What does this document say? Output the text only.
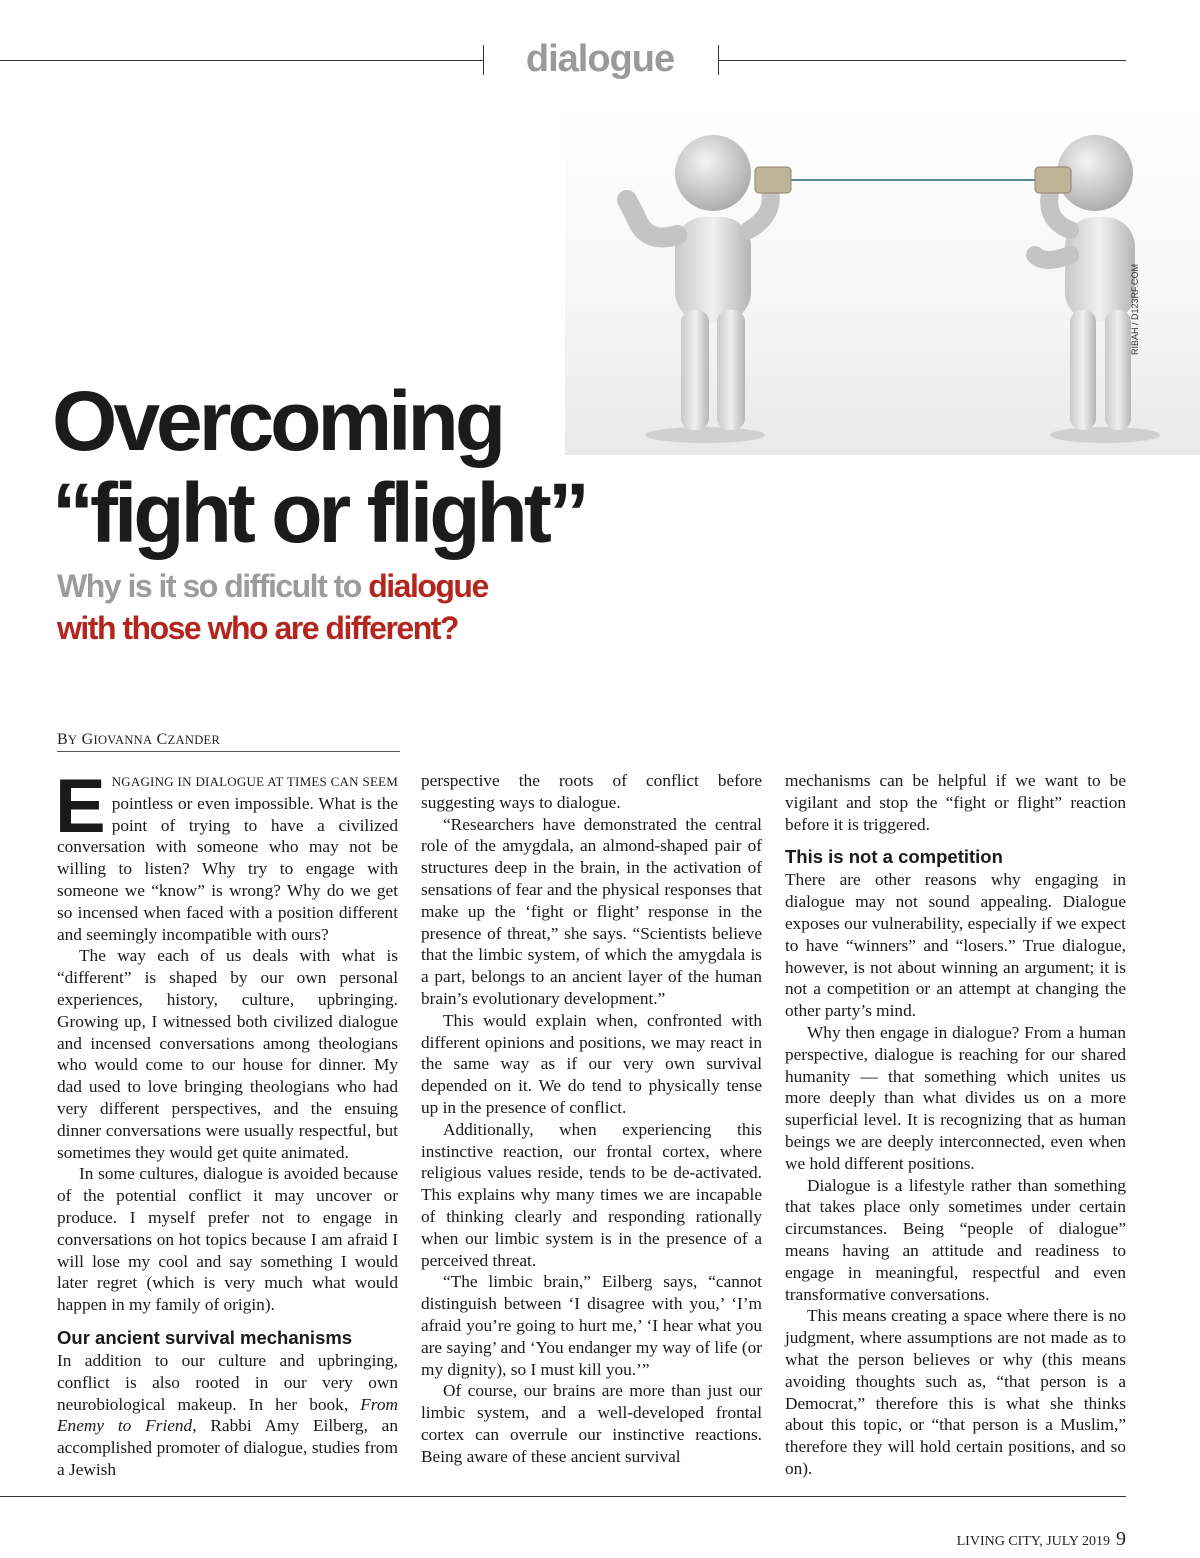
dialogue
RIBAH / D123RF.COM
Overcoming
“fight or flight”
Why is it so difficult to dialogue
with those who are different?
BY GIOVANNA CZANDER

ENGAGING IN DIALOGUE AT TIMES CAN SEEM pointless or even impossible. What is the point of trying to have a civilized conversation with someone who may not be willing to listen? Why try to engage with someone we “know” is wrong? Why do we get so incensed when faced with a position different and seemingly incompatible with ours?

The way each of us deals with what is “different” is shaped by our own personal experiences, history, culture, upbringing. Growing up, I witnessed both civilized dialogue and incensed conversations among theologians who would come to our house for dinner. My dad used to love bringing theologians who had very different perspectives, and the ensuing dinner conversations were usually respectful, but sometimes they would get quite animated.

In some cultures, dialogue is avoided because of the potential conflict it may uncover or produce. I myself prefer not to engage in conversations on hot topics because I am afraid I will lose my cool and say something I would later regret (which is very much what would happen in my family of origin).

Our ancient survival mechanisms

In addition to our culture and upbringing, conflict is also rooted in our very own neurobiological makeup. In her book, From Enemy to Friend, Rabbi Amy Eilberg, an accomplished promoter of dialogue, studies from a Jewish

perspective the roots of conflict before suggesting ways to dialogue.

“Researchers have demonstrated the central role of the amygdala, an almond-shaped pair of structures deep in the brain, in the activation of sensations of fear and the physical responses that make up the ‘fight or flight’ response in the presence of threat,” she says. “Scientists believe that the limbic system, of which the amygdala is a part, belongs to an ancient layer of the human brain’s evolutionary development.”

This would explain when, confronted with different opinions and positions, we may react in the same way as if our very own survival depended on it. We do tend to physically tense up in the presence of conflict.

Additionally, when experiencing this instinctive reaction, our frontal cortex, where religious values reside, tends to be de-activated. This explains why many times we are incapable of thinking clearly and responding rationally when our limbic system is in the presence of a perceived threat.

“The limbic brain,” Eilberg says, “cannot distinguish between ‘I disagree with you,’ ‘I’m afraid you’re going to hurt me,’ ‘I hear what you are saying’ and ‘You endanger my way of life (or my dignity), so I must kill you.’”

Of course, our brains are more than just our limbic system, and a well-developed frontal cortex can overrule our instinctive reactions. Being aware of these ancient survival

mechanisms can be helpful if we want to be vigilant and stop the “fight or flight” reaction before it is triggered.

This is not a competition

There are other reasons why engaging in dialogue may not sound appealing. Dialogue exposes our vulnerability, especially if we expect to have “winners” and “losers.” True dialogue, however, is not about winning an argument; it is not a competition or an attempt at changing the other party’s mind.

Why then engage in dialogue? From a human perspective, dialogue is reaching for our shared humanity — that something which unites us more deeply than what divides us on a more superficial level. It is recognizing that as human beings we are deeply interconnected, even when we hold different positions.

Dialogue is a lifestyle rather than something that takes place only sometimes under certain circumstances. Being “people of dialogue” means having an attitude and readiness to engage in meaningful, respectful and even transformative conversations.

This means creating a space where there is no judgment, where assumptions are not made as to what the person believes or why (this means avoiding thoughts such as, “that person is a Democrat,” therefore this is what she thinks about this topic, or “that person is a Muslim,” therefore they will hold certain positions, and so on).

LIVING CITY, JULY 2019 9
